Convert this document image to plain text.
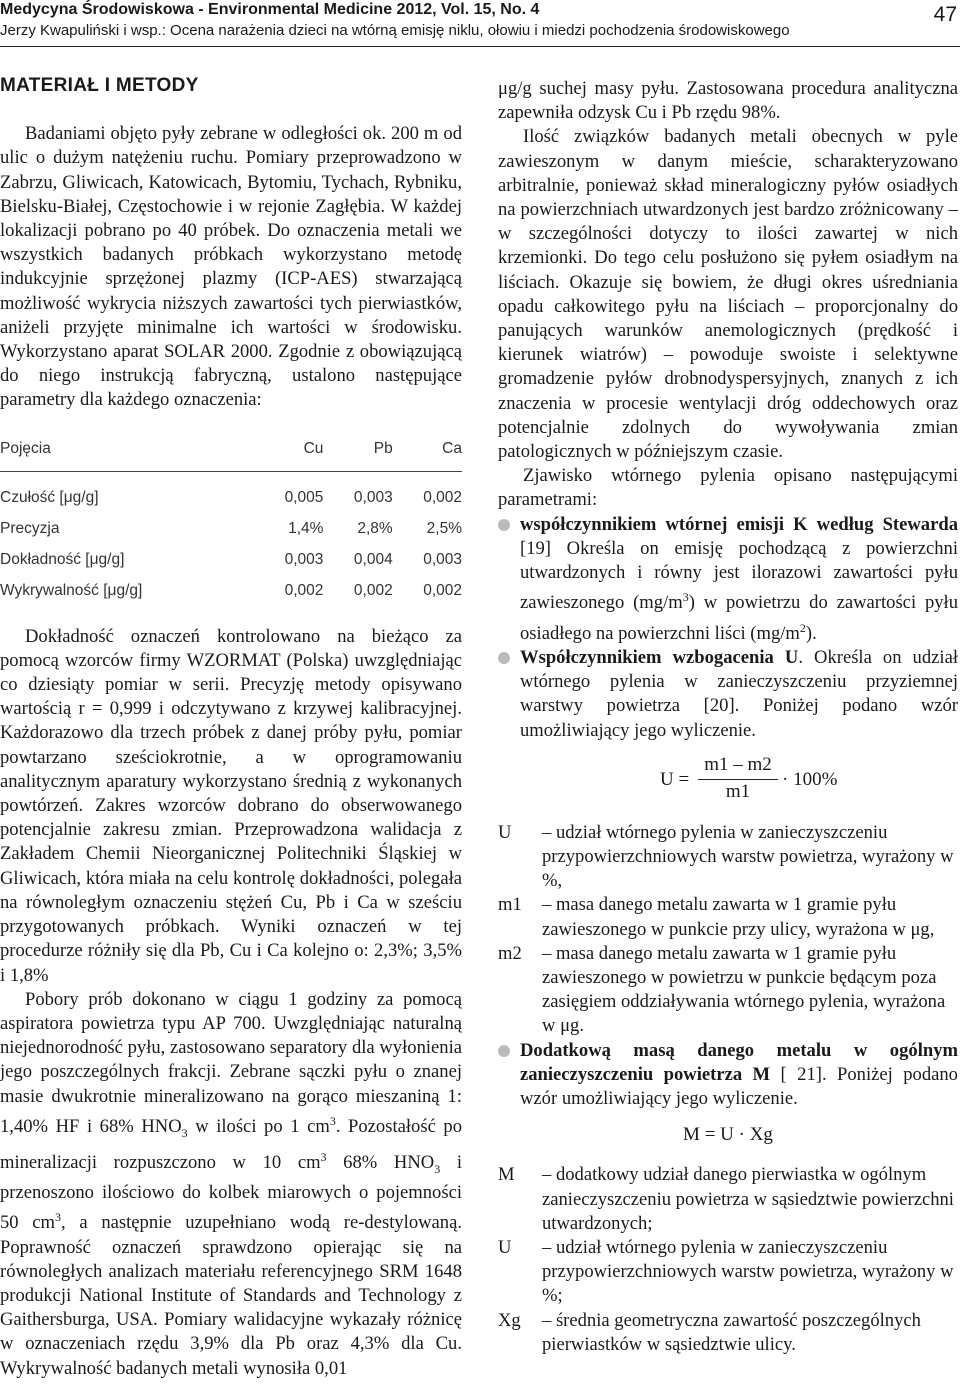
Medycyna Środowiskowa - Environmental Medicine 2012, Vol. 15, No. 4
Jerzy Kwapuliński i wsp.: Ocena narażenia dzieci na wtórną emisję niklu, ołowiu i miedzi pochodzenia środowiskowego
47
MATERIAŁ I METODY

Badaniami objęto pyły zebrane w odległości ok. 200 m od ulic o dużym natężeniu ruchu. Pomiary przeprowadzono w Zabrzu, Gliwicach, Katowicach, Bytomiu, Tychach, Rybniku, Bielsku-Białej, Częstochowie i w rejonie Zagłębia. W każdej lokalizacji pobrano po 40 próbek. Do oznaczenia metali we wszystkich badanych próbkach wykorzystano metodę indukcyjnie sprzężonej plazmy (ICP-AES) stwarzającą możliwość wykrycia niższych zawartości tych pierwiastków, aniżeli przyjęte minimalne ich wartości w środowisku. Wykorzystano aparat SOLAR 2000. Zgodnie z obowiązującą do niego instrukcją fabryczną, ustalono następujące parametry dla każdego oznaczenia:

Pojęcia	Cu	Pb	Ca
Czułość [μg/g]	0,005	0,003	0,002
Precyzja	1,4%	2,8%	2,5%
Dokładność [μg/g]	0,003	0,004	0,003
Wykrywalność [μg/g]	0,002	0,002	0,002

Dokładność oznaczeń kontrolowano na bieżąco za pomocą wzorców firmy WZORMAT (Polska) uwzględniając co dziesiąty pomiar w serii. Precyzję metody opisywano wartością r = 0,999 i odczytywano z krzywej kalibracyjnej. Każdorazowo dla trzech próbek z danej próby pyłu, pomiar powtarzano sześciokrotnie, a w oprogramowaniu analitycznym aparatury wykorzystano średnią z wykonanych powtórzeń. Zakres wzorców dobrano do obserwowanego potencjalnie zakresu zmian. Przeprowadzona walidacja z Zakładem Chemii Nieorganicznej Politechniki Śląskiej w Gliwicach, która miała na celu kontrolę dokładności, polegała na równoległym oznaczeniu stężeń Cu, Pb i Ca w sześciu przygotowanych próbkach. Wyniki oznaczeń w tej procedurze różniły się dla Pb, Cu i Ca kolejno o: 2,3%; 3,5% i 1,8%

Poborу prób dokonano w ciągu 1 godziny za pomocą aspiratora powietrza typu AP 700. Uwzględniając naturalną niejednorodność pyłu, zastosowano separatory dla wyłonienia jego poszczególnych frakcji. Zebrane sączki pyłu o znanej masie dwukrotnie mineralizowano na gorąco mieszaniną 1: 1,40% HF i 68% $HNO_3$ w ilości po 1 $cm^3$. Pozostałość po mineralizacji rozpuszczono w 10 $cm^3$ 68% $HNO_3$ i przenoszono ilościowo do kolbek miarowych o pojemności 50 $cm^3$, a następnie uzupełniano wodą re-destylowaną. Poprawność oznaczeń sprawdzono opierając się na równoległych analizach materiału referencyjnego SRM 1648 produkcji National Institute of Standards and Technology z Gaithersburga, USA. Pomiary walidacyjne wykazały różnicę w oznaczeniach rzędu 3,9% dla Pb oraz 4,3% dla Cu. Wykrywalność badanych metali wynosiła 0,01

μg/g suchej masy pyłu. Zastosowana procedura analityczna zapewniła odzysk Cu i Pb rzędu 98%.

Ilość związków badanych metali obecnych w pyle zawieszonym w danym mieście, scharakteryzowano arbitralnie, ponieważ skład mineralogiczny pyłów osiadłych na powierzchniach utwardzonych jest bardzo zróżnicowany – w szczególności dotyczy to ilości zawartej w nich krzemionki. Do tego celu posłużono się pyłem osiadłym na liściach. Okazuje się bowiem, że długi okres uśredniania opadu całkowitego pyłu na liściach – proporcjonalny do panujących warunków anemologicznych (prędkość i kierunek wiatrów) – powoduje swoiste i selektywne gromadzenie pyłów drobnodyspersyjnych, znanych z ich znaczenia w procesie wentylacji dróg oddechowych oraz potencjalnie zdolnych do wywoływania zmian patologicznych w późniejszym czasie.

Zjawisko wtórnego pylenia opisano następującymi parametrami:

współczynnikiem wtórnej emisji K według Stewarda [19] Określa on emisję pochodzącą z powierzchni utwardzonych i równy jest ilorazowi zawartości pyłu zawieszonego $(mg/m^3)$ w powietrzu do zawartości pyłu osiadłego na powierzchni liści $(mg/m^2)$.

Współczynnikiem wzbogacenia U. Określa on udział wtórnego pylenia w zanieczyszczeniu przyziemnej warstwy powietrza [20]. Poniżej podano wzór umożliwiający jego wyliczenie.

$U = \frac{m1 - m2}{m1} \cdot 100\%$
U – udział wtórnego pylenia w zanieczyszczeniu przypowierzchniowych warstw powietrza, wyrażony w %,
m1 – masa danego metalu zawarta w 1 gramie pyłu zawieszonego w punkcie przy ulicy, wyrażona w μg,
m2 – masa danego metalu zawarta w 1 gramie pyłu zawieszonego w powietrzu w punkcie będącym poza zasięgiem oddziaływania wtórnego pylenia, wyrażona w μg.

Dodatkową masą danego metalu w ogólnym zanieczyszczeniu powietrza M [ 21]. Poniżej podano wzór umożliwiający jego wyliczenie.

M = U · Xg
M – dodatkowy udział danego pierwiastka w ogólnym zanieczyszczeniu powietrza w sąsiedztwie powierzchni utwardzonych;
U – udział wtórnego pylenia w zanieczyszczeniu przypowierzchniowych warstw powietrza, wyrażony w %;
Xg – średnia geometryczna zawartość poszczególnych pierwiastków w sąsiedztwie ulicy.
